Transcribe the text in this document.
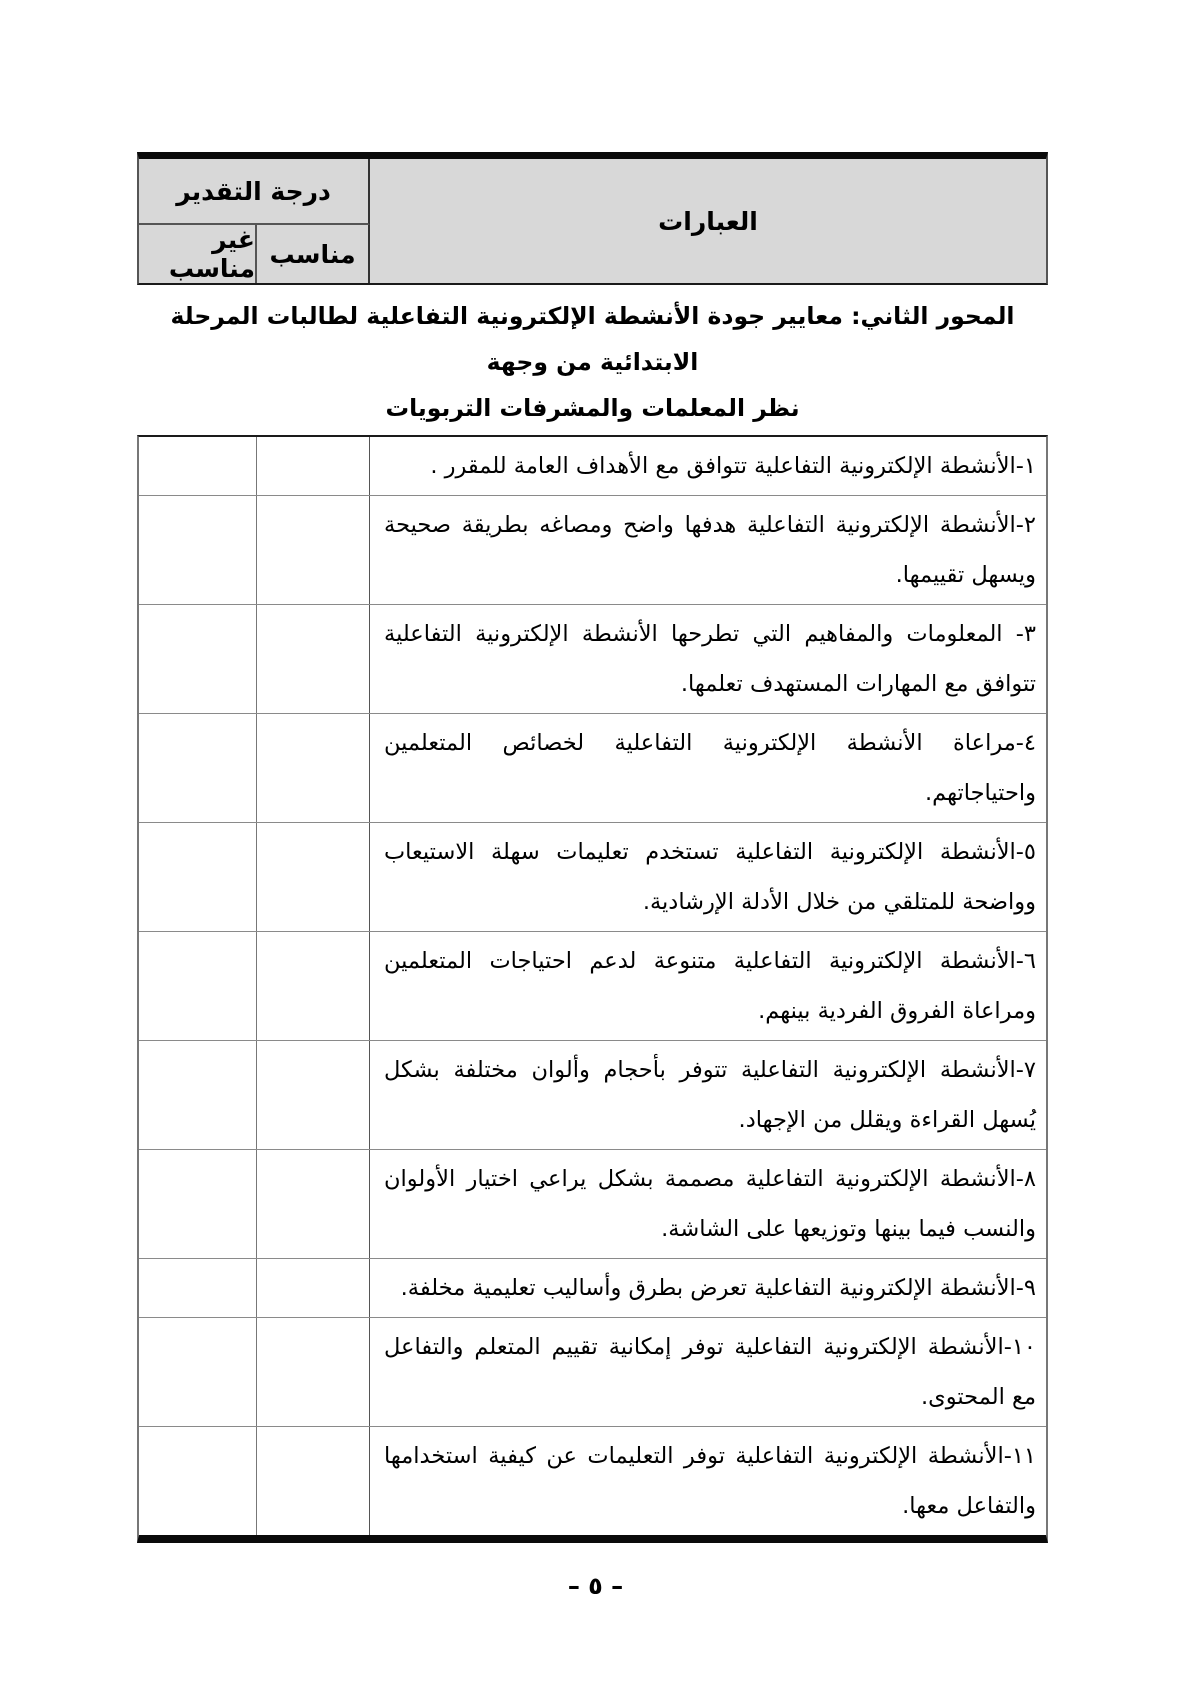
درجة التقدير
غير مناسب مناسب
العبارات
المحور الثاني: معايير جودة الأنشطة الإلكترونية التفاعلية لطالبات المرحلة الابتدائية من وجهة
نظر المعلمات والمشرفات التربويات

١-الأنشطة الإلكترونية التفاعلية تتوافق مع الأهداف العامة للمقرر .

٢-الأنشطة الإلكترونية التفاعلية هدفها واضح ومصاغه بطريقة صحيحة ويسهل تقييمها.

٣- المعلومات والمفاهيم التي تطرحها الأنشطة الإلكترونية التفاعلية تتوافق مع المهارات المستهدف تعلمها.

٤-مراعاة الأنشطة الإلكترونية التفاعلية لخصائص المتعلمين واحتياجاتهم.

٥-الأنشطة الإلكترونية التفاعلية تستخدم تعليمات سهلة الاستيعاب وواضحة للمتلقي من خلال الأدلة الإرشادية.

٦-الأنشطة الإلكترونية التفاعلية متنوعة لدعم احتياجات المتعلمين ومراعاة الفروق الفردية بينهم.

٧-الأنشطة الإلكترونية التفاعلية تتوفر بأحجام وألوان مختلفة بشكل يُسهل القراءة ويقلل من الإجهاد.

٨-الأنشطة الإلكترونية التفاعلية مصممة بشكل يراعي اختيار الأولوان والنسب فيما بينها وتوزيعها على الشاشة.

٩-الأنشطة الإلكترونية التفاعلية تعرض بطرق وأساليب تعليمية مخلفة.

١٠-الأنشطة الإلكترونية التفاعلية توفر إمكانية تقييم المتعلم والتفاعل مع المحتوى.

١١-الأنشطة الإلكترونية التفاعلية توفر التعليمات عن كيفية استخدامها والتفاعل معها.

– ٥ –
